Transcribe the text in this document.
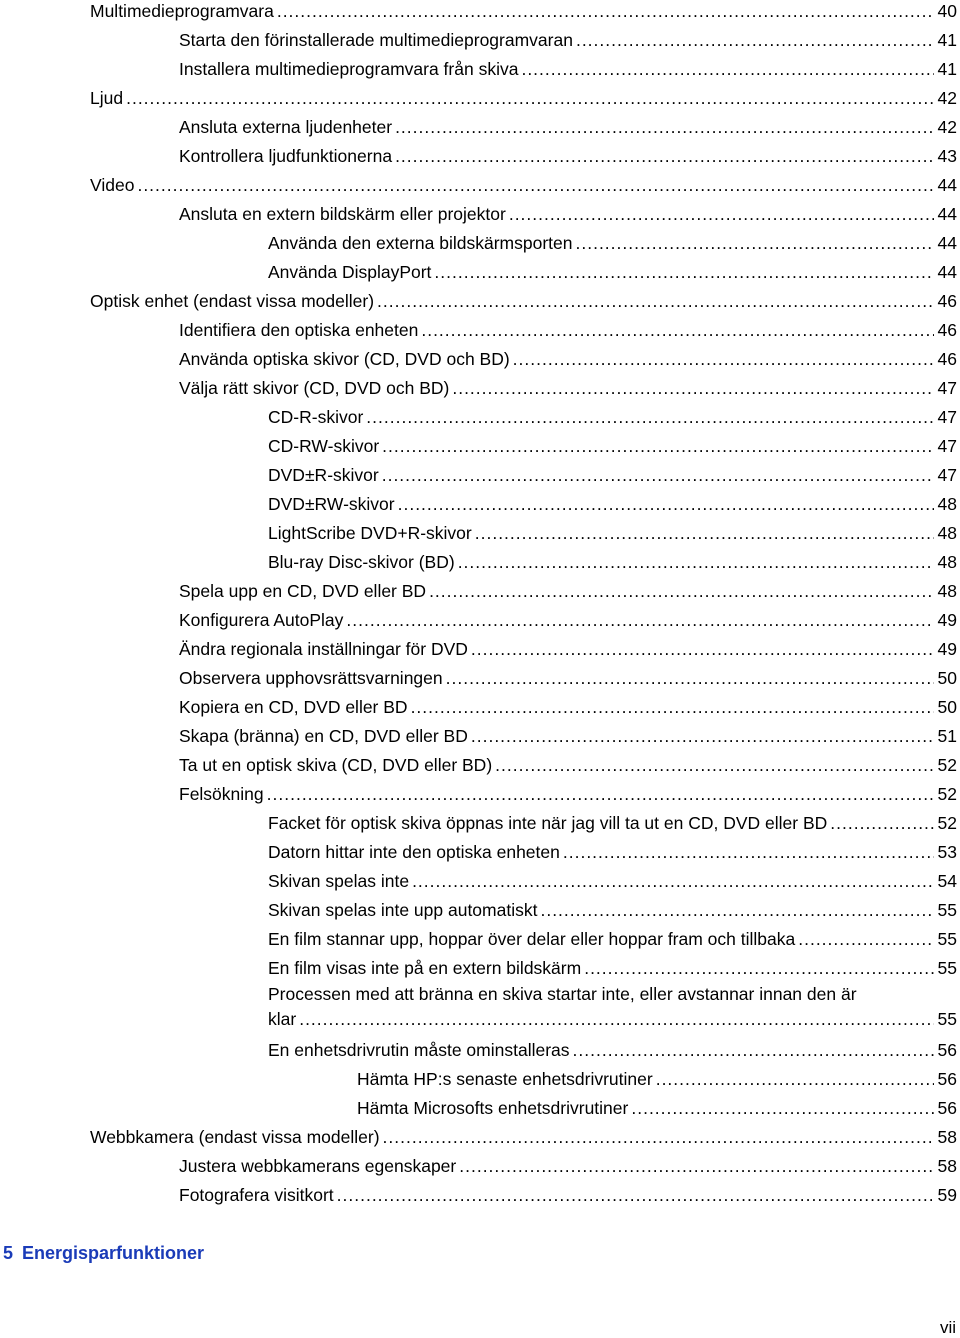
Multimedieprogramvara .....	40
Starta den förinstallerade multimedieprogramvaran .....	41
Installera multimedieprogramvara från skiva .....	41
Ljud .....	42
Ansluta externa ljudenheter .....	42
Kontrollera ljudfunktionerna .....	43
Video .....	44
Ansluta en extern bildskärm eller projektor .....	44
Använda den externa bildskärmsporten .....	44
Använda DisplayPort .....	44
Optisk enhet (endast vissa modeller) .....	46
Identifiera den optiska enheten .....	46
Använda optiska skivor (CD, DVD och BD) .....	46
Välja rätt skivor (CD, DVD och BD) .....	47
CD-R-skivor .....	47
CD-RW-skivor .....	47
DVD±R-skivor .....	47
DVD±RW-skivor .....	48
LightScribe DVD+R-skivor .....	48
Blu-ray Disc-skivor (BD) .....	48
Spela upp en CD, DVD eller BD .....	48
Konfigurera AutoPlay .....	49
Ändra regionala inställningar för DVD .....	49
Observera upphovsrättsvarningen .....	50
Kopiera en CD, DVD eller BD .....	50
Skapa (bränna) en CD, DVD eller BD .....	51
Ta ut en optisk skiva (CD, DVD eller BD) .....	52
Felsökning .....	52
Facket för optisk skiva öppnas inte när jag vill ta ut en CD, DVD eller BD .....	52
Datorn hittar inte den optiska enheten .....	53
Skivan spelas inte .....	54
Skivan spelas inte upp automatiskt .....	55
En film stannar upp, hoppar över delar eller hoppar fram och tillbaka .....	55
En film visas inte på en extern bildskärm .....	55
Processen med att bränna en skiva startar inte, eller avstannar innan den är
klar .....	55
En enhetsdrivrutin måste ominstalleras .....	56
Hämta HP:s senaste enhetsdrivrutiner .....	56
Hämta Microsofts enhetsdrivrutiner .....	56
Webbkamera (endast vissa modeller) .....	58
Justera webbkamerans egenskaper .....	58
Fotografera visitkort .....	59
5 Energisparfunktioner
vii
